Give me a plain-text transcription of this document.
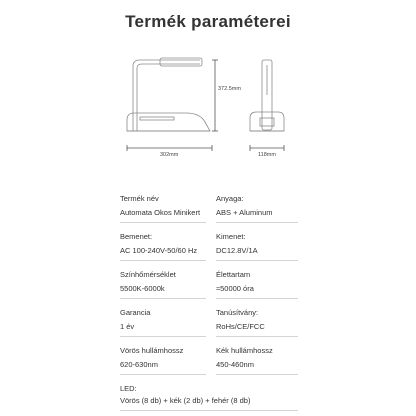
Termék paraméterei
302mm
372.5mm
118mm
Termék név
Automata Okos Minikert
Anyaga:
ABS + Aluminum
Bemenet:
AC 100-240V-50/60 Hz
Kimenet:
DC12.8V/1A
Színhőmérséklet
5500K-6000k
Élettartam
≈50000 óra
Garancia
1 év
Tanúsítvány:
RoHs/CE/FCC
Vörös hullámhossz
620-630nm
Kék hullámhossz
450-460nm
LED:
Vörös (8 db) + kék (2 db) + fehér (8 db)
